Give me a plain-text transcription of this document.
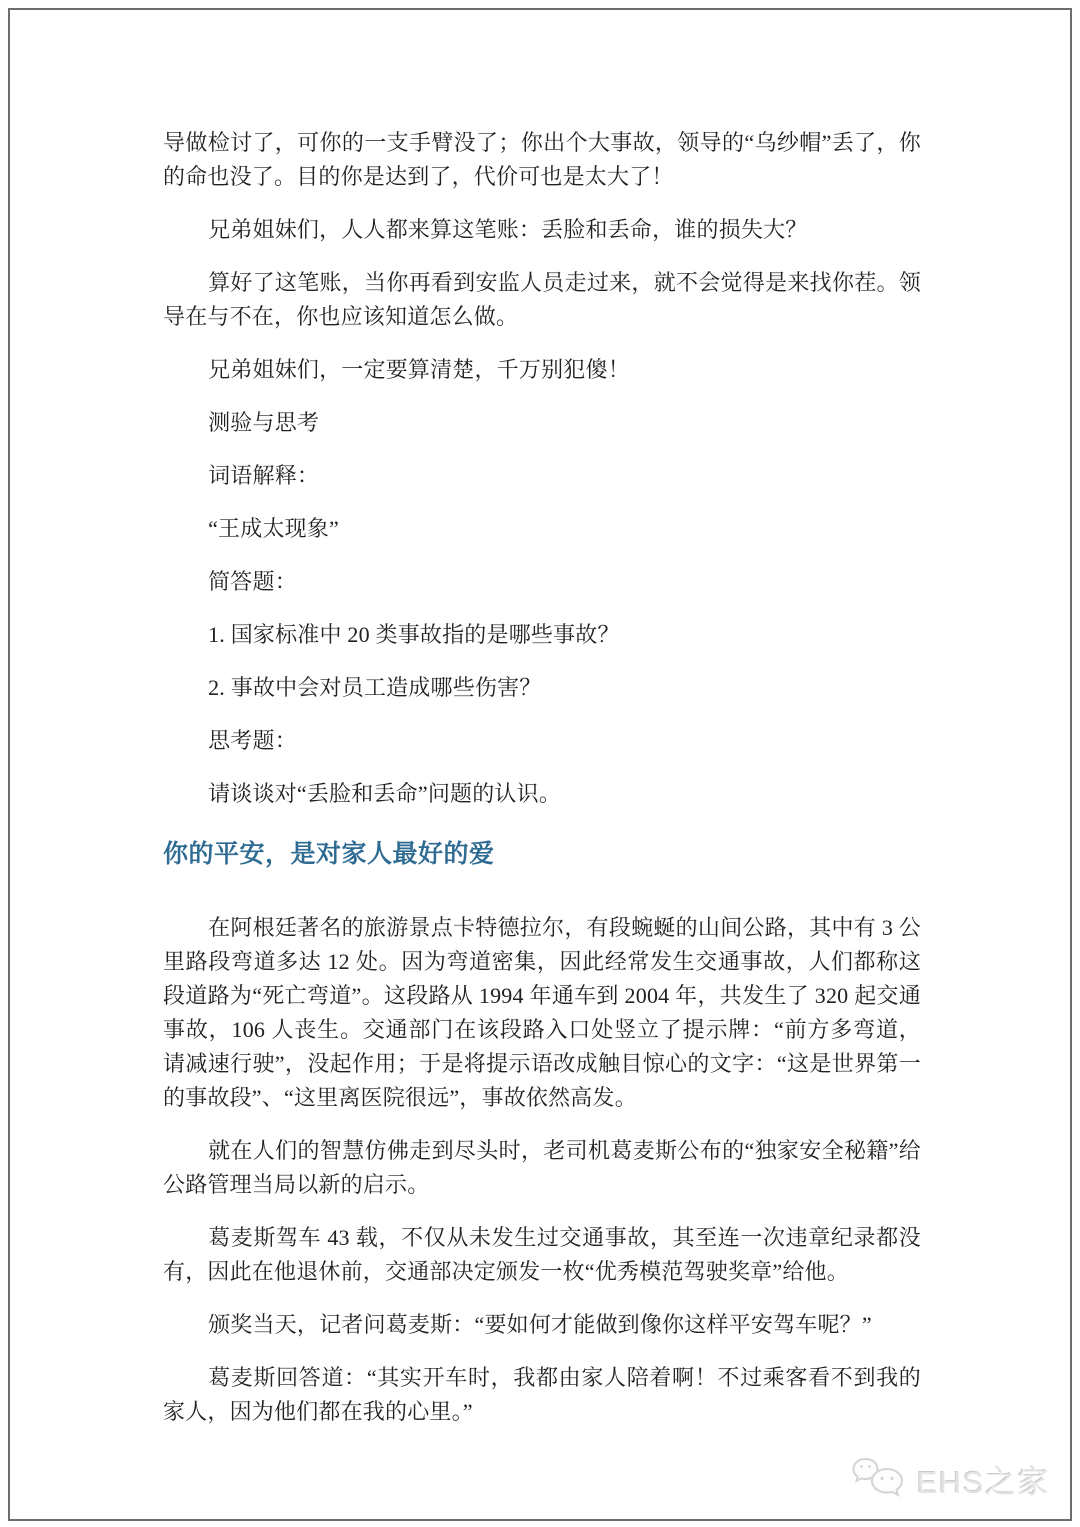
导做检讨了，可你的一支手臂没了；你出个大事故，领导的“乌纱帽”丢了，你的命也没了。目的你是达到了，代价可也是太大了！

兄弟姐妹们，人人都来算这笔账：丢脸和丢命，谁的损失大？

算好了这笔账，当你再看到安监人员走过来，就不会觉得是来找你茬。领导在与不在，你也应该知道怎么做。

兄弟姐妹们，一定要算清楚，千万别犯傻！

测验与思考

词语解释：

“王成太现象”

简答题：

1. 国家标准中 20 类事故指的是哪些事故？

2. 事故中会对员工造成哪些伤害？

思考题：

请谈谈对“丢脸和丢命”问题的认识。

你的平安，是对家人最好的爱

在阿根廷著名的旅游景点卡特德拉尔，有段蜿蜒的山间公路，其中有 3 公里路段弯道多达 12 处。因为弯道密集，因此经常发生交通事故，人们都称这段道路为“死亡弯道”。这段路从 1994 年通车到 2004 年，共发生了 320 起交通事故，106 人丧生。交通部门在该段路入口处竖立了提示牌：“前方多弯道，请减速行驶”，没起作用；于是将提示语改成触目惊心的文字：“这是世界第一的事故段”、“这里离医院很远”，事故依然高发。

就在人们的智慧仿佛走到尽头时，老司机葛麦斯公布的“独家安全秘籍”给公路管理当局以新的启示。

葛麦斯驾车 43 载，不仅从未发生过交通事故，其至连一次违章纪录都没有，因此在他退休前，交通部决定颁发一枚“优秀模范驾驶奖章”给他。

颁奖当天，记者问葛麦斯：“要如何才能做到像你这样平安驾车呢？”

葛麦斯回答道：“其实开车时，我都由家人陪着啊！不过乘客看不到我的家人，因为他们都在我的心里。”

EHS之家
